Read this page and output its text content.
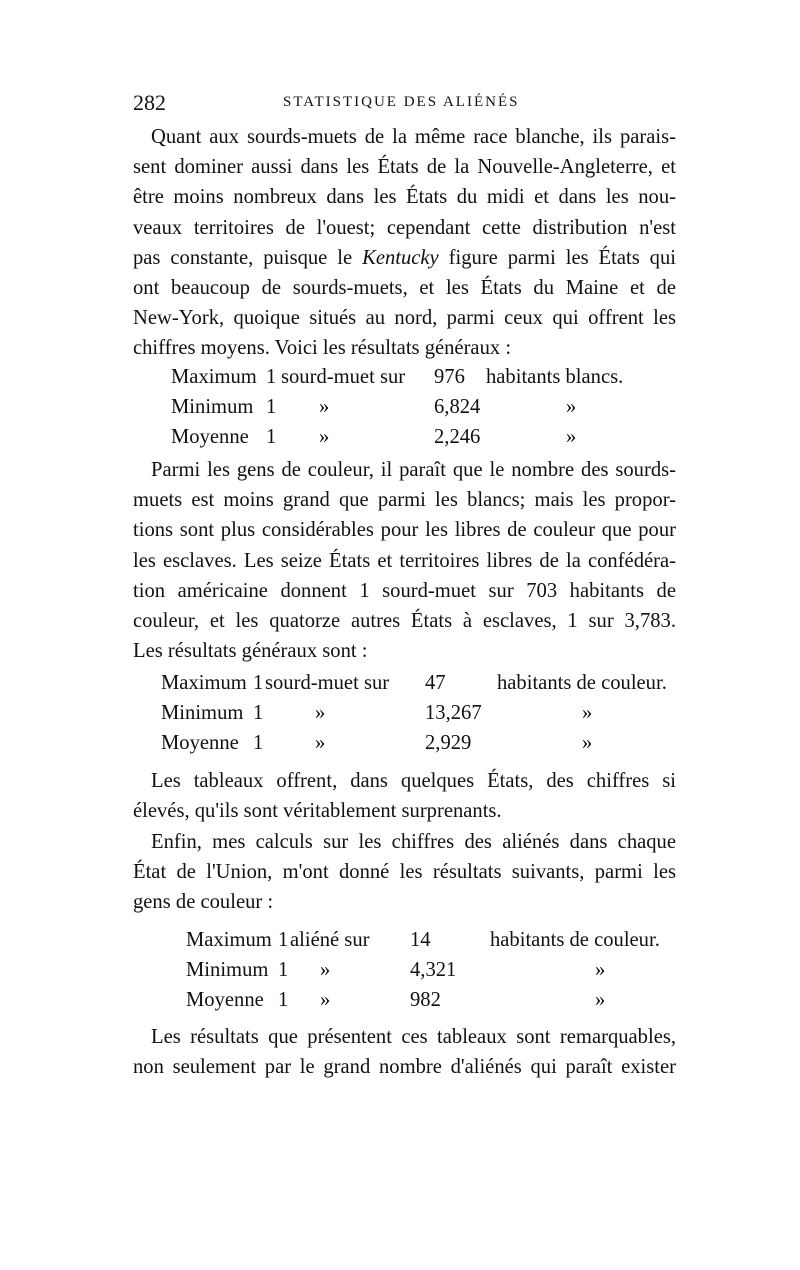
282	STATISTIQUE DES ALIÉNÉS
Quant aux sourds-muets de la même race blanche, ils parais-
sent dominer aussi dans les États de la Nouvelle-Angleterre, et
être moins nombreux dans les États du midi et dans les nou-
veaux territoires de l'ouest; cependant cette distribution n'est
pas constante, puisque le Kentucky figure parmi les États qui
ont beaucoup de sourds-muets, et les États du Maine et de
New-York, quoique situés au nord, parmi ceux qui offrent les
chiffres moyens. Voici les résultats généraux :
Maximum	1	sourd-muet sur	976	habitants blancs.
Minimum	1	»	6,824	»
Moyenne	1	»	2,246	»
Parmi les gens de couleur, il paraît que le nombre des sourds-
muets est moins grand que parmi les blancs; mais les propor-
tions sont plus considérables pour les libres de couleur que pour
les esclaves. Les seize États et territoires libres de la confédéra-
tion américaine donnent 1 sourd-muet sur 703 habitants de
couleur, et les quatorze autres États à esclaves, 1 sur 3,783.
Les résultats généraux sont :
Maximum	1	sourd-muet sur	47	habitants de couleur.
Minimum	1	»	13,267	»
Moyenne	1	»	2,929	»
Les tableaux offrent, dans quelques États, des chiffres si
élevés, qu'ils sont véritablement surprenants.
Enfin, mes calculs sur les chiffres des aliénés dans chaque
État de l'Union, m'ont donné les résultats suivants, parmi les
gens de couleur :
Maximum	1	aliéné sur	14	habitants de couleur.
Minimum	1	»	4,321	»
Moyenne	1	»	982	»
Les résultats que présentent ces tableaux sont remarquables,
non seulement par le grand nombre d'aliénés qui paraît exister
